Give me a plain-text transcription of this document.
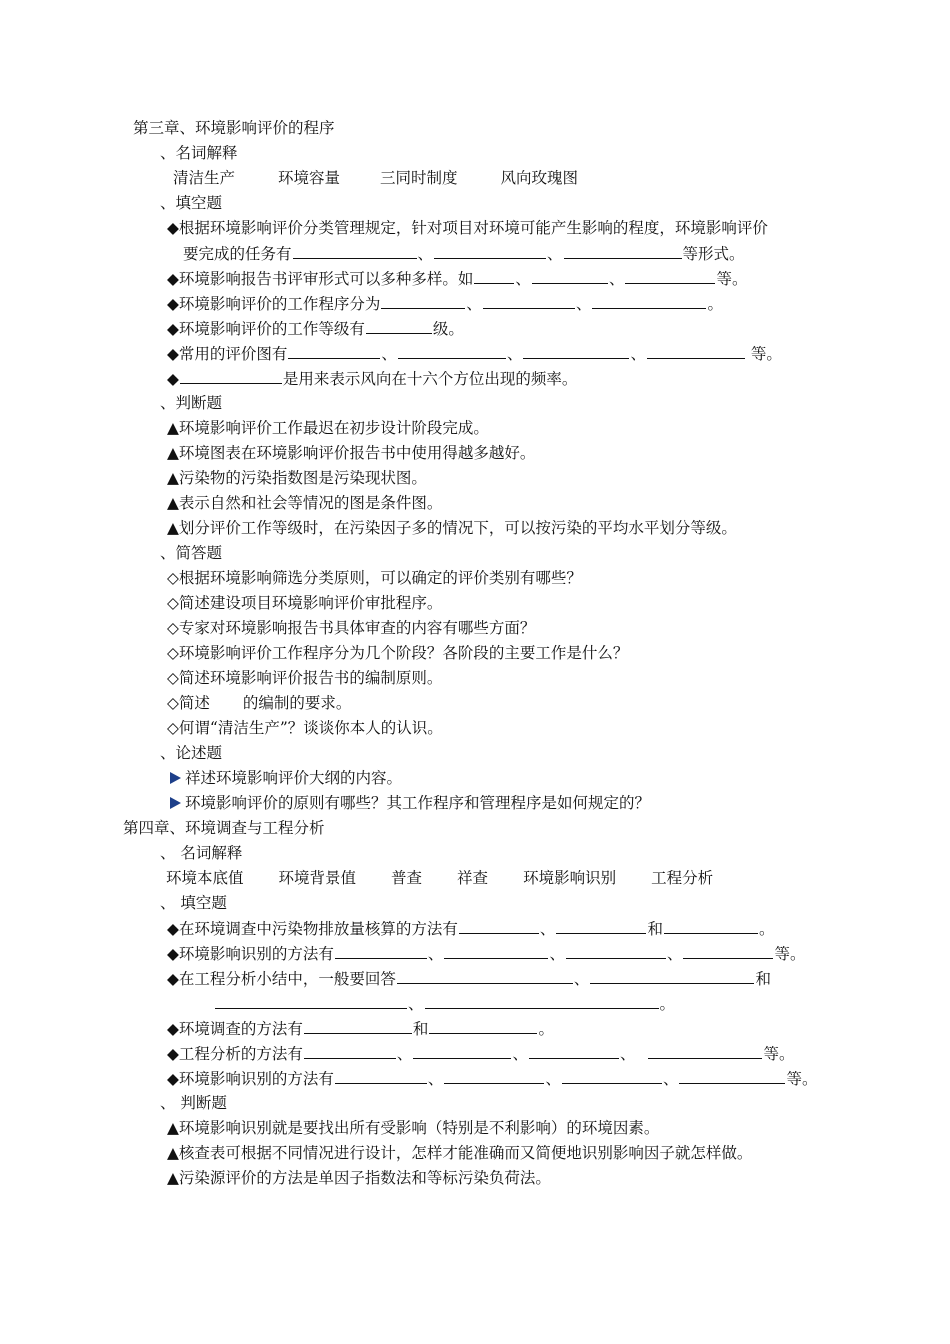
第三章、环境影响评价的程序
、名词解释
清洁生产	环境容量	三同时制度	风向玫瑰图
、填空题
◆根据环境影响评价分类管理规定，针对项目对环境可能产生影响的程度，环境影响评价
要完成的任务有	、	、	等形式。
◆环境影响报告书评审形式可以多种多样。如	、	、	等。
◆环境影响评价的工作程序分为	、	、	。
◆环境影响评价的工作等级有	级。
◆常用的评价图有	、	、	、	等。
◆	是用来表示风向在十六个方位出现的频率。
、判断题
▲环境影响评价工作最迟在初步设计阶段完成。
▲环境图表在环境影响评价报告书中使用得越多越好。
▲污染物的污染指数图是污染现状图。
▲表示自然和社会等情况的图是条件图。
▲划分评价工作等级时，在污染因子多的情况下，可以按污染的平均水平划分等级。
、简答题
◇根据环境影响筛选分类原则，可以确定的评价类别有哪些？
◇简述建设项目环境影响评价审批程序。
◇专家对环境影响报告书具体审查的内容有哪些方面？
◇环境影响评价工作程序分为几个阶段？各阶段的主要工作是什么？
◇简述环境影响评价报告书的编制原则。
◇简述 的编制的要求。
◇何谓“清洁生产”？谈谈你本人的认识。
、论述题
祥述环境影响评价大纲的内容。
环境影响评价的原则有哪些？其工作程序和管理程序是如何规定的？
第四章、环境调查与工程分析
、 名词解释
环境本底值 环境背景值 普查 祥查 环境影响识别 工程分析
、 填空题
◆在环境调查中污染物排放量核算的方法有	、	和	。
◆环境影响识别的方法有	、	、	、	等。
◆在工程分析小结中，一般要回答	、	和
、	。
◆环境调查的方法有	和	。
◆工程分析的方法有	、	、	、	等。
◆环境影响识别的方法有	、	、	、	等。
、 判断题
▲环境影响识别就是要找出所有受影响（特别是不利影响）的环境因素。
▲核查表可根据不同情况进行设计，怎样才能准确而又简便地识别影响因子就怎样做。
▲污染源评价的方法是单因子指数法和等标污染负荷法。
